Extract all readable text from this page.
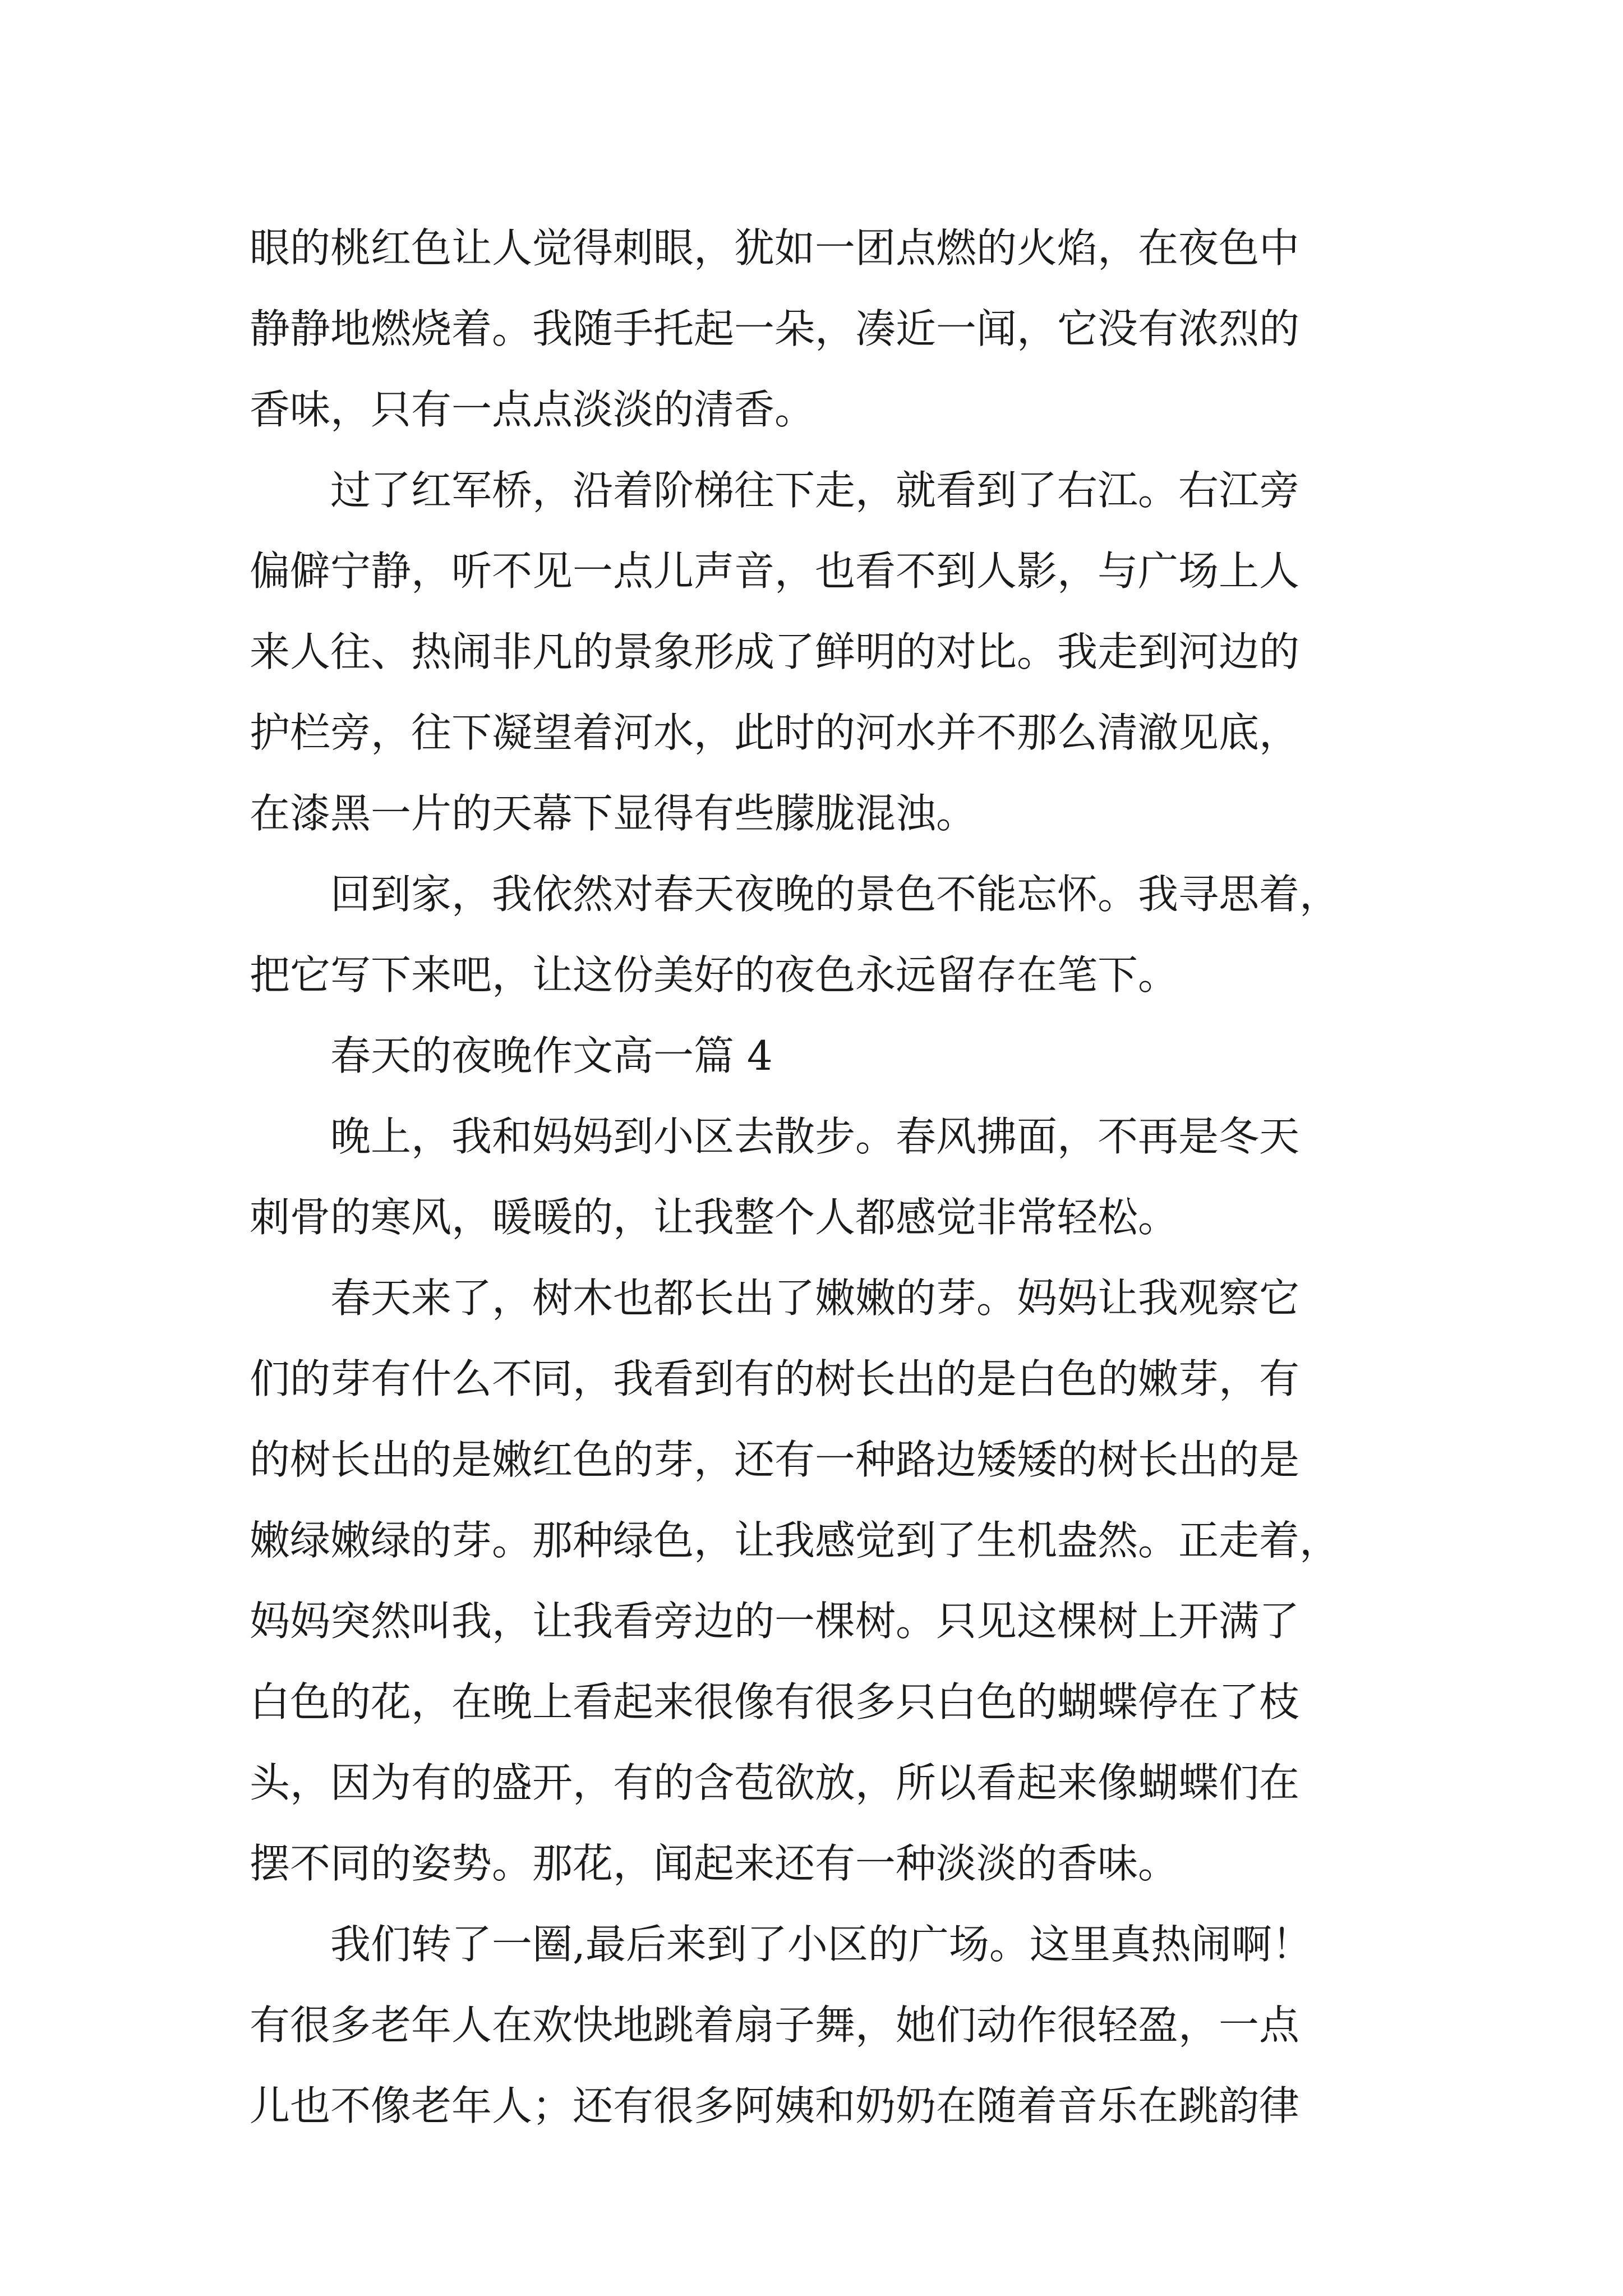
眼的桃红色让人觉得刺眼，犹如一团点燃的火焰，在夜色中
静静地燃烧着。我随手托起一朵，凑近一闻，它没有浓烈的
香味，只有一点点淡淡的清香。
　　过了红军桥，沿着阶梯往下走，就看到了右江。右江旁
偏僻宁静，听不见一点儿声音，也看不到人影，与广场上人
来人往、热闹非凡的景象形成了鲜明的对比。我走到河边的
护栏旁，往下凝望着河水，此时的河水并不那么清澈见底，
在漆黑一片的天幕下显得有些朦胧混浊。
　　回到家，我依然对春天夜晚的景色不能忘怀。我寻思着，
把它写下来吧，让这份美好的夜色永远留存在笔下。
　　春天的夜晚作文高一篇 4
　　晚上，我和妈妈到小区去散步。春风拂面，不再是冬天
刺骨的寒风，暖暖的，让我整个人都感觉非常轻松。
　　春天来了，树木也都长出了嫩嫩的芽。妈妈让我观察它
们的芽有什么不同，我看到有的树长出的是白色的嫩芽，有
的树长出的是嫩红色的芽，还有一种路边矮矮的树长出的是
嫩绿嫩绿的芽。那种绿色，让我感觉到了生机盎然。正走着，
妈妈突然叫我，让我看旁边的一棵树。只见这棵树上开满了
白色的花，在晚上看起来很像有很多只白色的蝴蝶停在了枝
头，因为有的盛开，有的含苞欲放，所以看起来像蝴蝶们在
摆不同的姿势。那花，闻起来还有一种淡淡的香味。
　　我们转了一圈,最后来到了小区的广场。这里真热闹啊！
有很多老年人在欢快地跳着扇子舞，她们动作很轻盈，一点
儿也不像老年人；还有很多阿姨和奶奶在随着音乐在跳韵律
